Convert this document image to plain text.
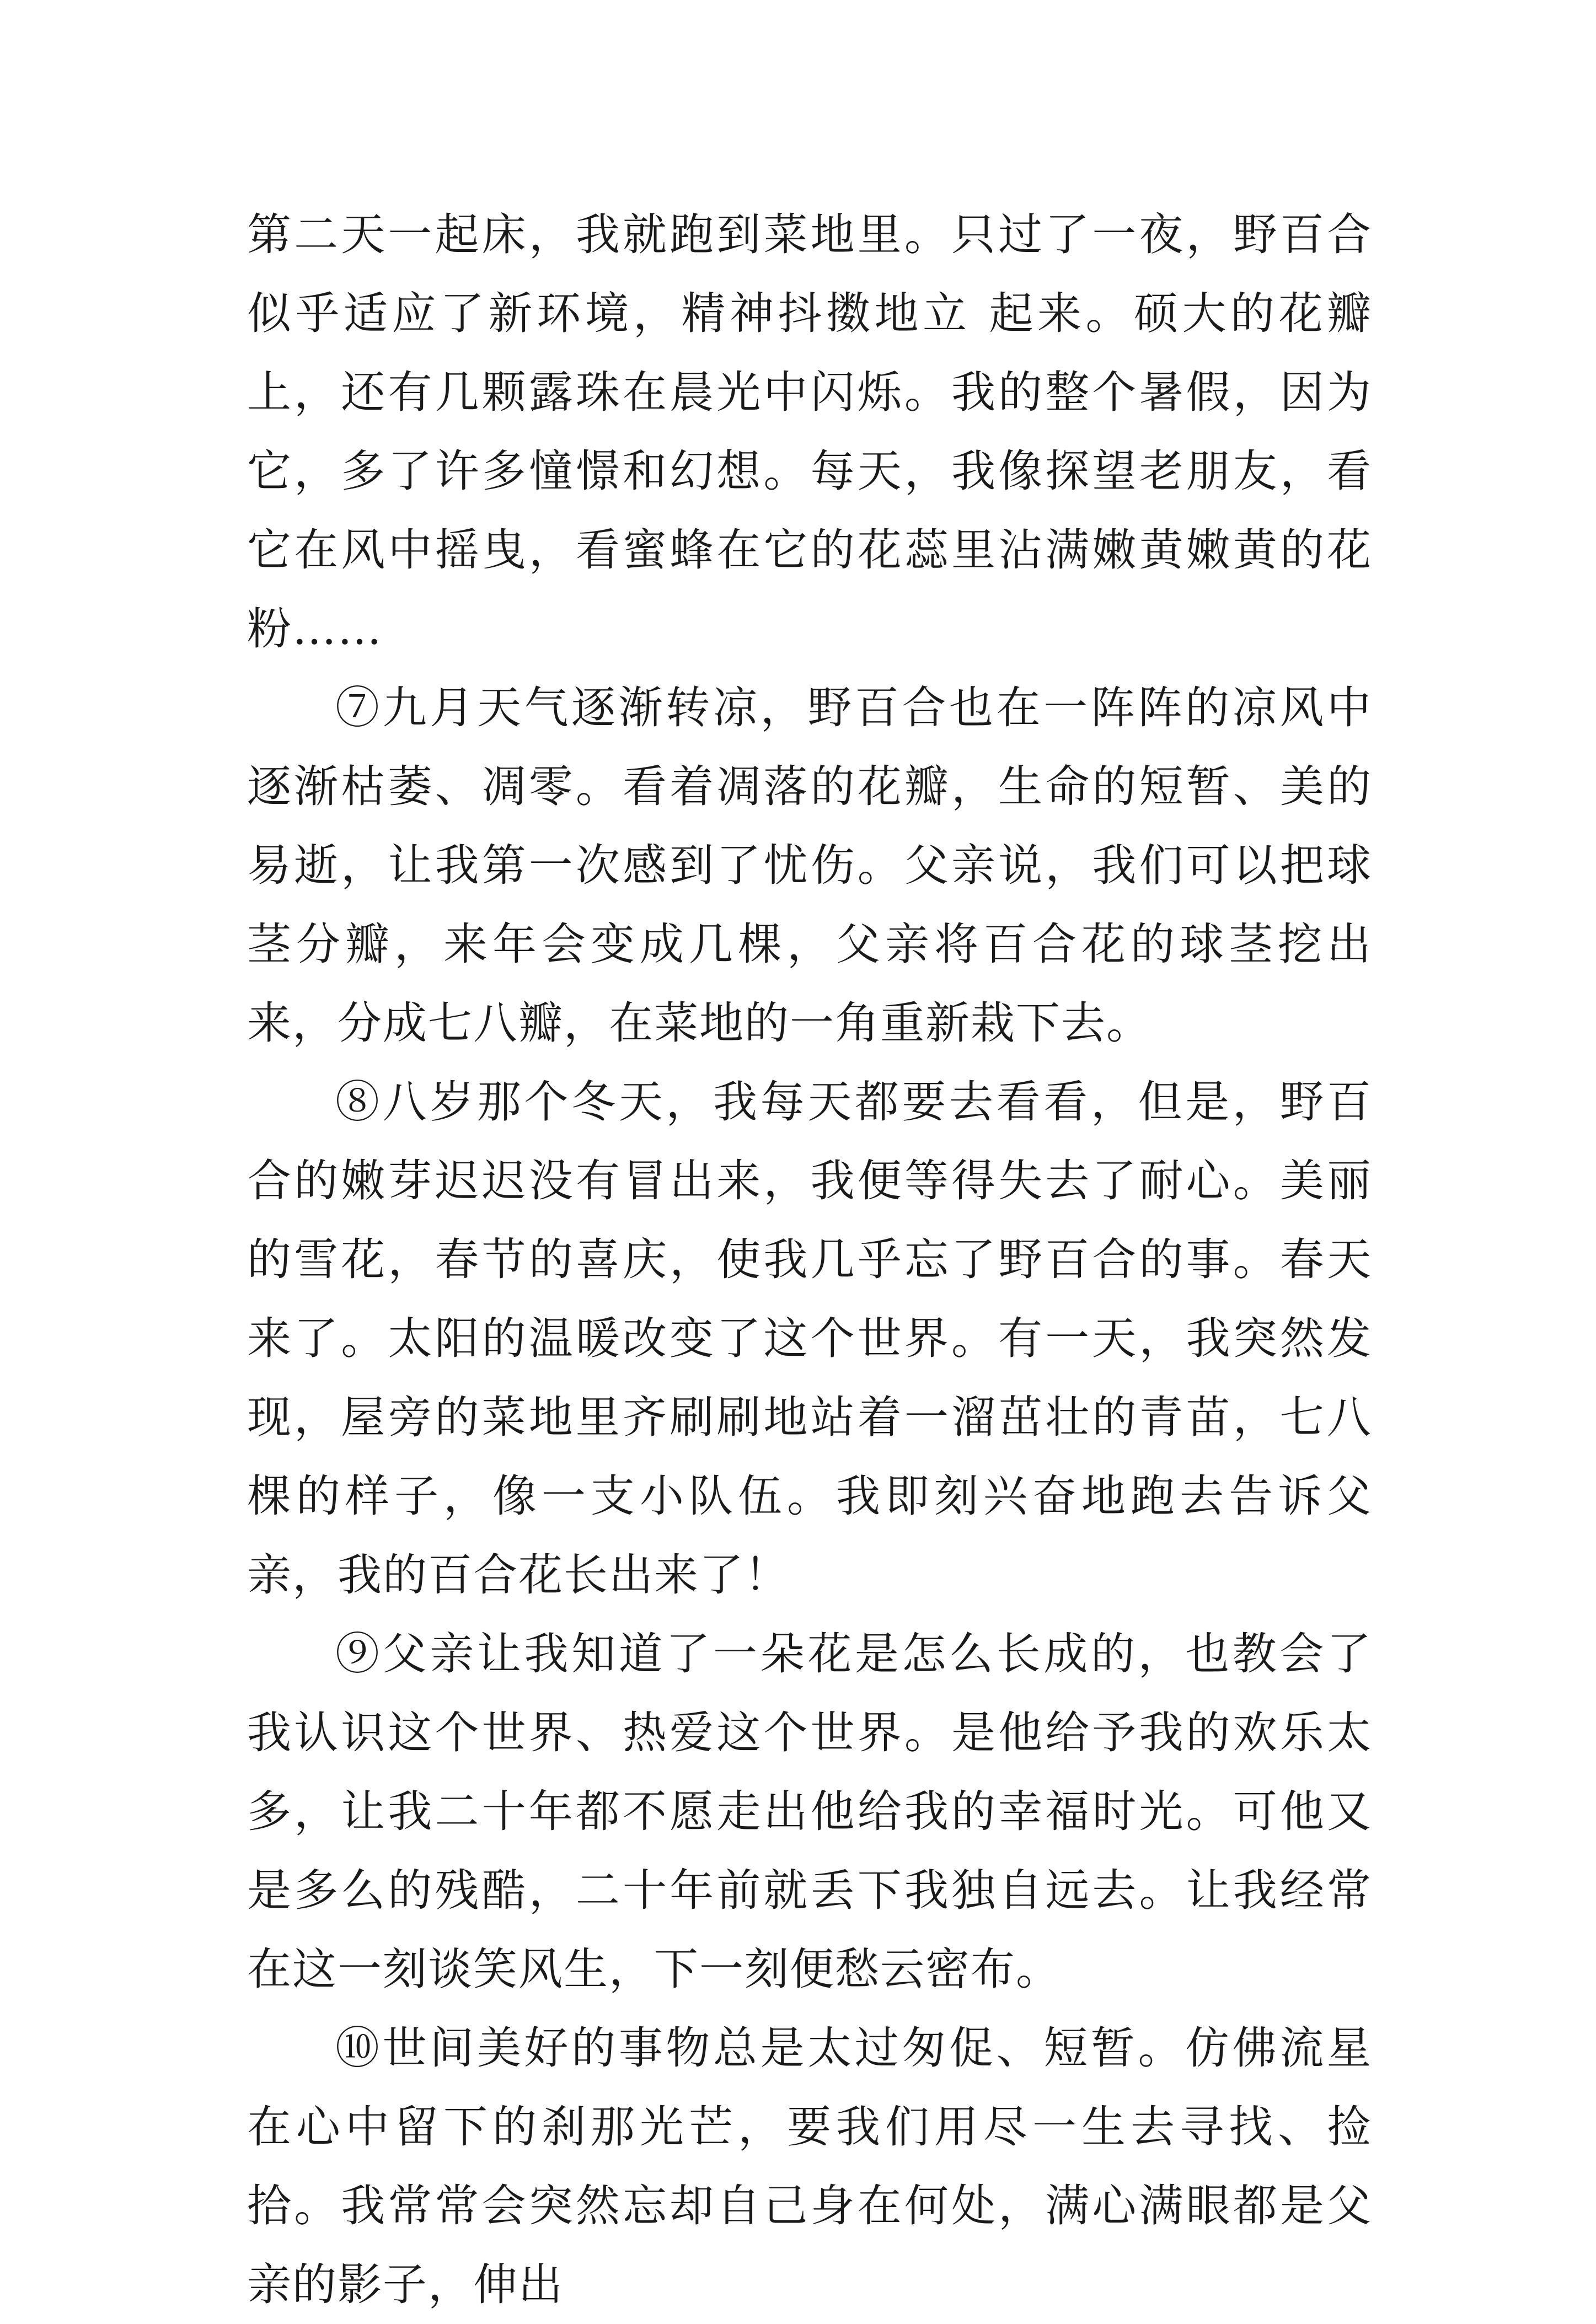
第二天一起床，我就跑到菜地里。只过了一夜，野百合似乎适应了新环境，精神抖擞地立 起来。硕大的花瓣上，还有几颗露珠在晨光中闪烁。我的整个暑假，因为它，多了许多憧憬和幻想。每天，我像探望老朋友，看它在风中摇曳，看蜜蜂在它的花蕊里沾满嫩黄嫩黄的花粉……

⑦九月天气逐渐转凉，野百合也在一阵阵的凉风中逐渐枯萎、凋零。看着凋落的花瓣，生命的短暂、美的易逝，让我第一次感到了忧伤。父亲说，我们可以把球茎分瓣，来年会变成几棵，父亲将百合花的球茎挖出来，分成七八瓣，在菜地的一角重新栽下去。

⑧八岁那个冬天，我每天都要去看看，但是，野百合的嫩芽迟迟没有冒出来，我便等得失去了耐心。美丽的雪花，春节的喜庆，使我几乎忘了野百合的事。春天来了。太阳的温暖改变了这个世界。有一天，我突然发现，屋旁的菜地里齐刷刷地站着一溜茁壮的青苗，七八棵的样子，像一支小队伍。我即刻兴奋地跑去告诉父亲，我的百合花长出来了！

⑨父亲让我知道了一朵花是怎么长成的，也教会了我认识这个世界、热爱这个世界。是他给予我的欢乐太多，让我二十年都不愿走出他给我的幸福时光。可他又是多么的残酷，二十年前就丢下我独自远去。让我经常在这一刻谈笑风生，下一刻便愁云密布。

⑩世间美好的事物总是太过匆促、短暂。仿佛流星在心中留下的刹那光芒，要我们用尽一生去寻找、捡拾。我常常会突然忘却自己身在何处，满心满眼都是父亲的影子，伸出
